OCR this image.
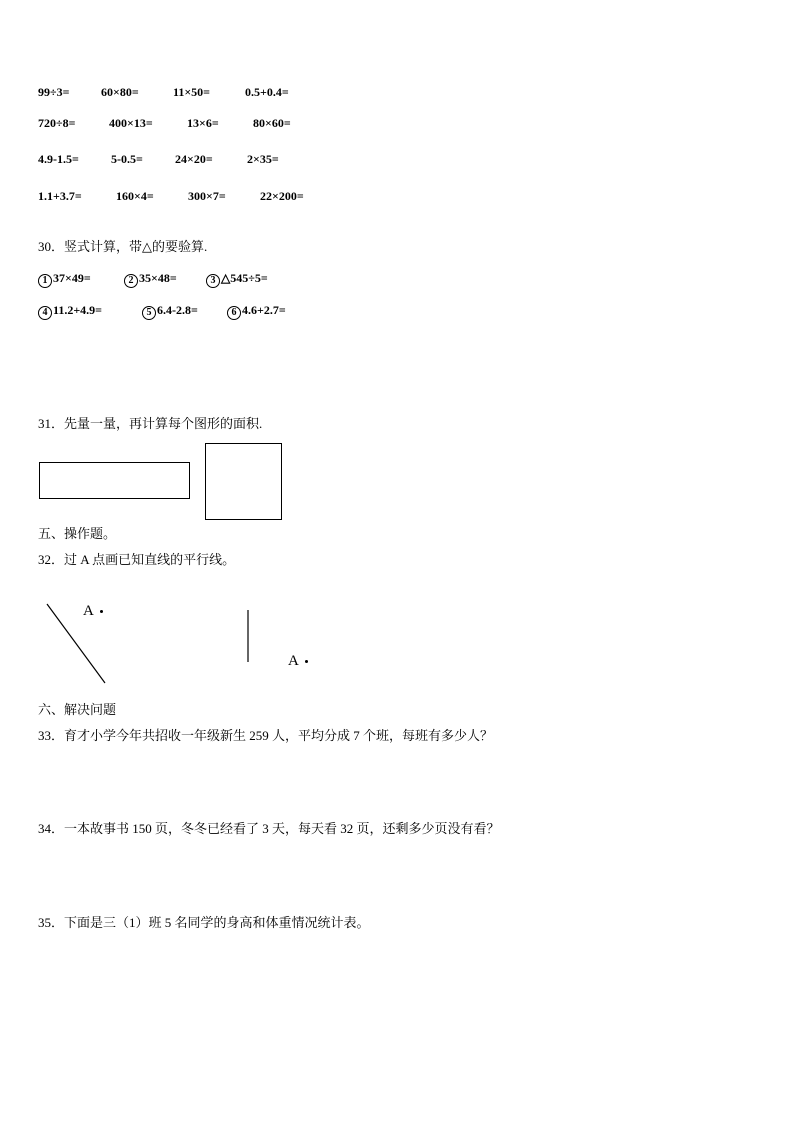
99÷3=	60×80=	11×50=	0.5+0.4=
720÷8=	400×13=	13×6=	80×60=
4.9-1.5=	5-0.5=	24×20=	2×35=
1.1+3.7=	160×4=	300×7=	22×200=
30．竖式计算，带△的要验算.
1 37×49=	2 35×48=	3 △545÷5=
4 11.2+4.9=	5 6.4-2.8=	6 4.6+2.7=
31．先量一量，再计算每个图形的面积.
五、操作题。
32．过 A 点画已知直线的平行线。
A
A
六、解决问题
33．育才小学今年共招收一年级新生 259 人，平均分成 7 个班，每班有多少人？
34．一本故事书 150 页，冬冬已经看了 3 天，每天看 32 页，还剩多少页没有看？
35．下面是三（1）班 5 名同学的身高和体重情况统计表。
